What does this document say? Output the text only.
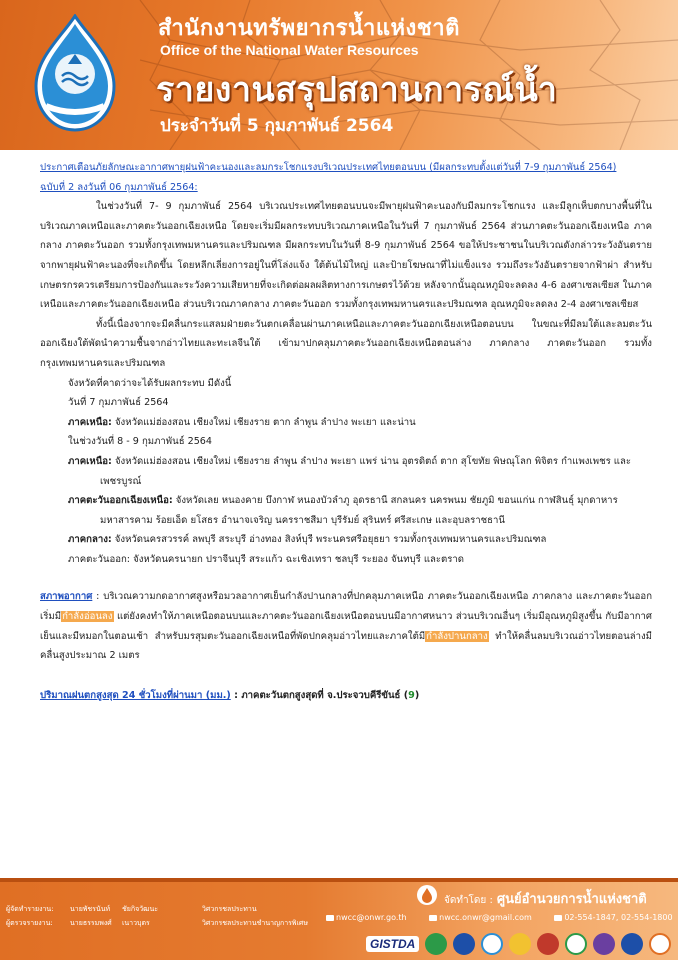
สำนักงานทรัพยากรน้ำแห่งชาติ
Office of the National Water Resources
รายงานสรุปสถานการณ์น้ำ
ประจำวันที่ 5 กุมภาพันธ์ 2564
ประกาศเตือนภัยลักษณะอากาศพายุฝนฟ้าคะนองและลมกระโชกแรงบริเวณประเทศไทยตอนบน (มีผลกระทบตั้งแต่วันที่ 7-9 กุมภาพันธ์ 2564)
ฉบับที่ 2 ลงวันที่ 06 กุมภาพันธ์ 2564:
ในช่วงวันที่ 7- 9 กุมภาพันธ์ 2564 บริเวณประเทศไทยตอนบนจะมีพายุฝนฟ้าคะนองกับมีลมกระโชกแรง และมีลูกเห็บตกบางพื้นที่ในบริเวณภาคเหนือและภาคตะวันออกเฉียงเหนือ โดยจะเริ่มมีผลกระทบบริเวณภาคเหนือในวันที่ 7 กุมภาพันธ์ 2564 ส่วนภาคตะวันออกเฉียงเหนือ ภาคกลาง ภาคตะวันออก รวมทั้งกรุงเทพมหานครและปริมณฑล มีผลกระทบในวันที่ 8-9 กุมภาพันธ์ 2564 ขอให้ประชาชนในบริเวณดังกล่าวระวังอันตรายจากพายุฝนฟ้าคะนองที่จะเกิดขึ้น โดยหลีกเลี่ยงการอยู่ในที่โล่งแจ้ง ใต้ต้นไม้ใหญ่ และป้ายโฆษณาที่ไม่แข็งแรง รวมถึงระวังอันตรายจากฟ้าผ่า สำหรับเกษตรกรควรเตรียมการป้องกันและระวังความเสียหายที่จะเกิดต่อผลผลิตทางการเกษตรไว้ด้วย หลังจากนั้นอุณหภูมิจะลดลง 4-6 องศาเซลเซียส ในภาคเหนือและภาคตะวันออกเฉียงเหนือ ส่วนบริเวณภาคกลาง ภาคตะวันออก รวมทั้งกรุงเทพมหานครและปริมณฑล อุณหภูมิจะลดลง 2-4 องศาเซลเซียส
ทั้งนี้เนื่องจากจะมีคลื่นกระแสลมฝ่ายตะวันตกเคลื่อนผ่านภาคเหนือและภาคตะวันออกเฉียงเหนือตอนบน ในขณะที่มีลมใต้และลมตะวันออกเฉียงใต้พัดนำความชื้นจากอ่าวไทยและทะเลจีนใต้ เข้ามาปกคลุมภาคตะวันออกเฉียงเหนือตอนล่าง ภาคกลาง ภาคตะวันออก รวมทั้งกรุงเทพมหานครและปริมณฑล
จังหวัดที่คาดว่าจะได้รับผลกระทบ มีดังนี้
วันที่ 7 กุมภาพันธ์ 2564
ภาคเหนือ: จังหวัดแม่ฮ่องสอน เชียงใหม่ เชียงราย ตาก ลำพูน ลำปาง พะเยา และน่าน
ในช่วงวันที่ 8 - 9 กุมภาพันธ์ 2564
ภาคเหนือ: จังหวัดแม่ฮ่องสอน เชียงใหม่ เชียงราย ลำพูน ลำปาง พะเยา แพร่ น่าน อุตรดิตถ์ ตาก สุโขทัย พิษณุโลก พิจิตร กำแพงเพชร และ
เพชรบูรณ์
ภาคตะวันออกเฉียงเหนือ: จังหวัดเลย หนองคาย บึงกาฬ หนองบัวลำภู อุดรธานี สกลนคร นครพนม ชัยภูมิ ขอนแก่น กาฬสินธุ์ มุกดาหาร
มหาสารคาม ร้อยเอ็ด ยโสธร อำนาจเจริญ นครราชสีมา บุรีรัมย์ สุรินทร์ ศรีสะเกษ และอุบลราชธานี
ภาคกลาง: จังหวัดนครสวรรค์ ลพบุรี สระบุรี อ่างทอง สิงห์บุรี พระนครศรีอยุธยา รวมทั้งกรุงเทพมหานครและปริมณฑล
ภาคตะวันออก: จังหวัดนครนายก ปราจีนบุรี สระแก้ว ฉะเชิงเทรา ชลบุรี ระยอง จันทบุรี และตราด
สภาพอากาศ : บริเวณความกดอากาศสูงหรือมวลอากาศเย็นกำลังปานกลางที่ปกคลุมภาคเหนือ ภาคตะวันออกเฉียงเหนือ ภาคกลาง และภาคตะวันออกเริ่มมีกำลังอ่อนลง แต่ยังคงทำให้ภาคเหนือตอนบนและภาคตะวันออกเฉียงเหนือตอนบนมีอากาศหนาว ส่วนบริเวณอื่นๆ เริ่มมีอุณหภูมิสูงขึ้น กับมีอากาศเย็นและมีหมอกในตอนเช้า สำหรับมรสุมตะวันออกเฉียงเหนือที่พัดปกคลุมอ่าวไทยและภาคใต้มีกำลังปานกลาง ทำให้คลื่นลมบริเวณอ่าวไทยตอนล่างมีคลื่นสูงประมาณ 2 เมตร
ปริมาณฝนตกสูงสุด 24 ชั่วโมงที่ผ่านมา (มม.) : ภาคตะวันตกสูงสุดที่ จ.ประจวบคีรีขันธ์ (9)
ผู้จัดทำรายงาน: นายพัชรนันท์ ชัยกิจวัฒนะ	วิศวกรชลประทาน
ผู้ตรวจรายงาน: นายธรรมพงศ์ เนาวบุตร	วิศวกรชลประทานชำนาญการพิเศษ
จัดทำโดย : ศูนย์อำนวยการน้ำแห่งชาติ
nwcc@onwr.go.th	nwcc.onwr@gmail.com	02-554-1847, 02-554-1800
GISTDA
